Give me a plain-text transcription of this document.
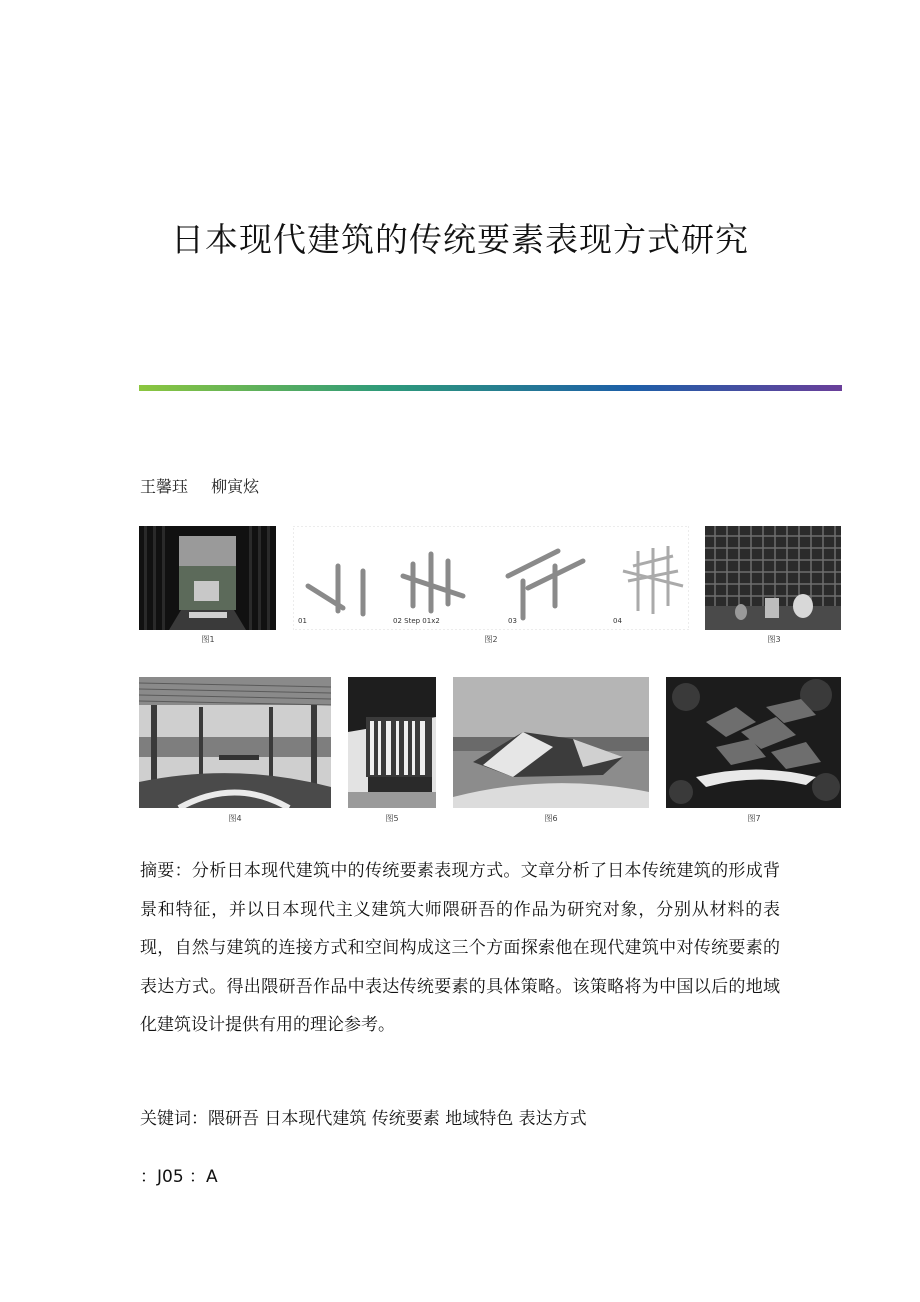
日本现代建筑的传统要素表现方式研究
王馨珏 柳寅炫
图1
01	02 Step 01x2	03	04
图2	图3
图4	图5	图6	图7
摘要：分析日本现代建筑中的传统要素表现方式。文章分析了日本传统建筑的形成背景和特征，并以日本现代主义建筑大师隈研吾的作品为研究对象，分别从材料的表现，自然与建筑的连接方式和空间构成这三个方面探索他在现代建筑中对传统要素的表达方式。得出隈研吾作品中表达传统要素的具体策略。该策略将为中国以后的地域化建筑设计提供有用的理论参考。
关键词：隈研吾 日本现代建筑 传统要素 地域特色 表达方式
：J05 ：A
